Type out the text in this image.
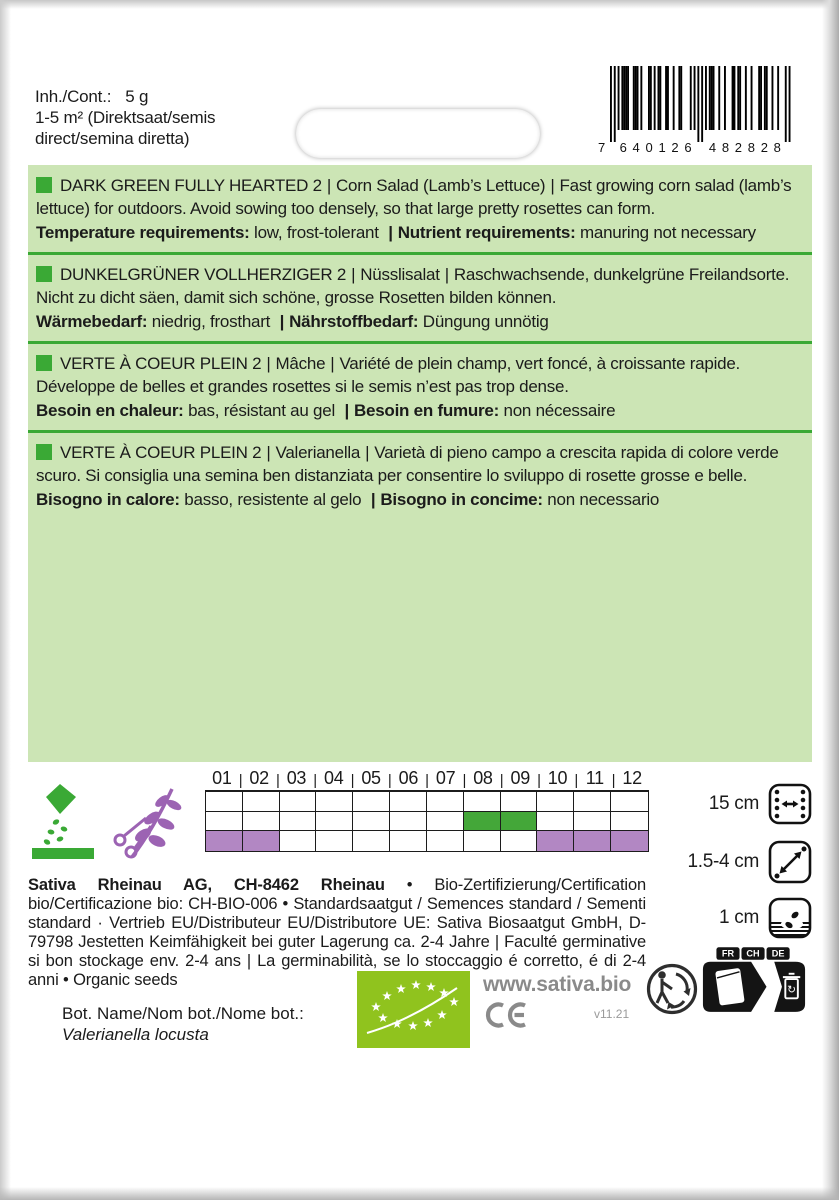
Inh./Cont.: 5 g
1-5 m² (Direktsaat/semis direct/semina diretta)	7 640126 482828

DARK GREEN FULLY HEARTED 2 | Corn Salad (Lamb’s Lettuce) | Fast growing corn salad (lamb’s lettuce) for outdoors. Avoid sowing too densely, so that large pretty rosettes can form.

Temperature requirements: low, frost-tolerant | Nutrient requirements: manuring not necessary

DUNKELGRÜNER VOLLHERZIGER 2 | Nüsslisalat | Raschwachsende, dunkelgrüne Freilandsorte. Nicht zu dicht säen, damit sich schöne, grosse Rosetten bilden können.

Wärmebedarf: niedrig, frosthart | Nährstoffbedarf: Düngung unnötig

VERTE À COEUR PLEIN 2 | Mâche | Variété de plein champ, vert foncé, à croissante rapide. Développe de belles et grandes rosettes si le semis n’est pas trop dense.

Besoin en chaleur: bas, résistant au gel | Besoin en fumure: non nécessaire

VERTE À COEUR PLEIN 2 | Valerianella | Varietà di pieno campo a crescita rapida di colore verde scuro. Si consiglia una semina ben distanziata per consentire lo sviluppo di rosette grosse e belle.

Bisogno in calore: basso, resistente al gelo | Bisogno in concime: non necessario

01 | 02 | 03 | 04 | 05 | 06 | 07 | 08 | 09 | 10 | 11 | 12
15 cm
1.5-4 cm
1 cm

Sativa Rheinau AG, CH-8462 Rheinau • Bio-Zertifizierung/Certification bio/Certificazione bio: CH-BIO-006 • Standardsaatgut / Semences standard / Sementi standard · Vertrieb EU/Distributeur EU/Distributore UE: Sativa Biosaatgut GmbH, D-79798 Jestetten Keimfähigkeit bei guter Lagerung ca. 2-4 Jahre | Faculté germinative si bon stockage env. 2-4 ans | La germinabilità, se lo stoccaggio é corretto, é di 2-4 anni • Organic seeds

Bot. Name/Nom bot./Nome bot.:
Valerianella locusta
www.sativa.bio
v11.21
FR CH DE
↻
